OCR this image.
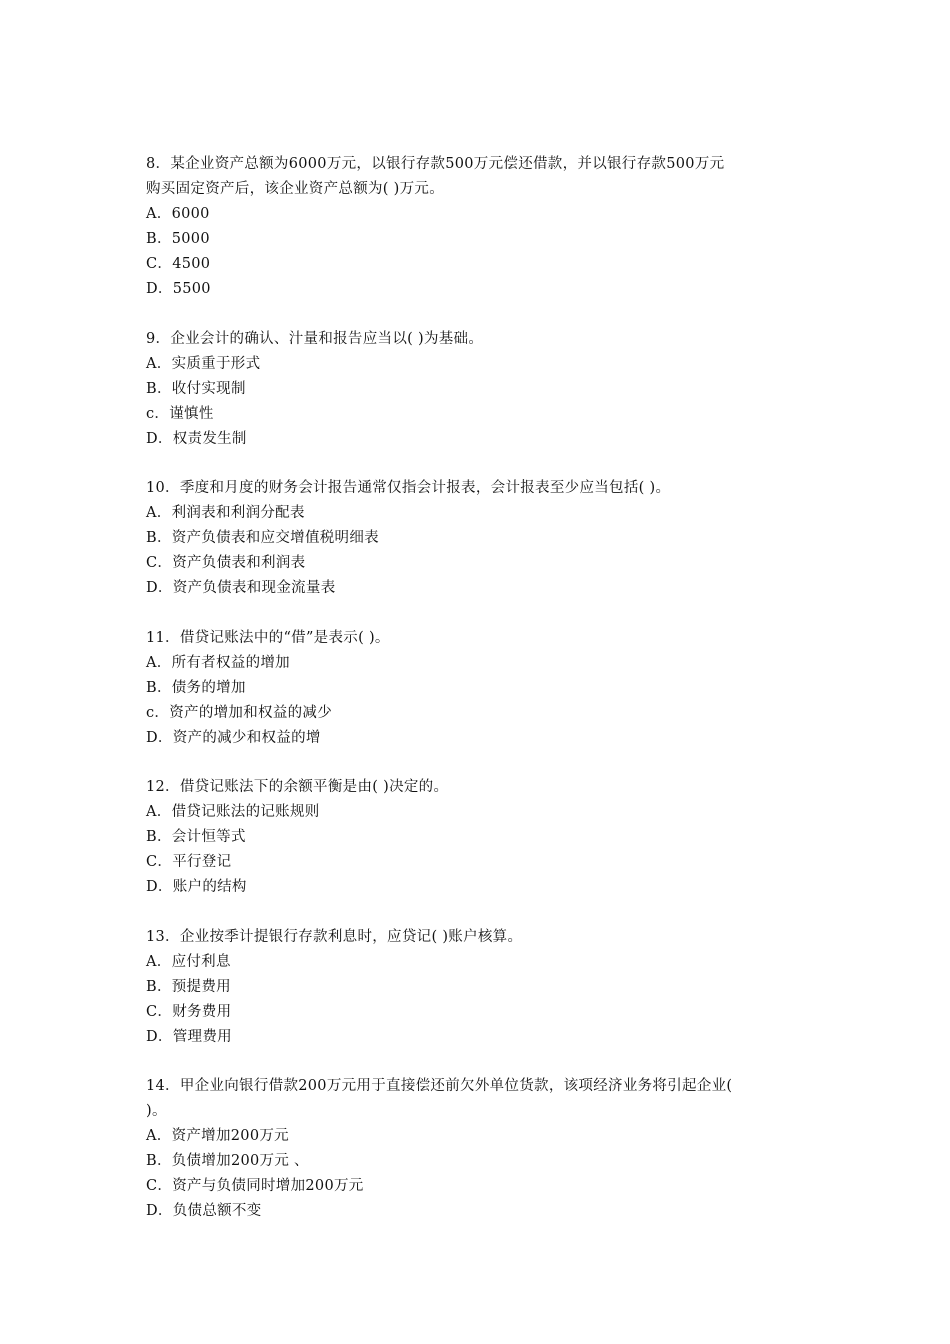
8．某企业资产总额为6000万元，以银行存款500万元偿还借款，并以银行存款500万元
购买固定资产后，该企业资产总额为( )万元。
A．6000
B．5000
C．4500
D．5500
9．企业会计的确认、汁量和报告应当以( )为基础。
A．实质重于形式
B．收付实现制
c．谨慎性
D．权责发生制
10．季度和月度的财务会计报告通常仅指会计报表，会计报表至少应当包括( )。
A．利润表和利润分配表
B．资产负债表和应交增值税明细表
C．资产负债表和利润表
D．资产负债表和现金流量表
11．借贷记账法中的“借”是表示( )。
A．所有者权益的增加
B．债务的增加
c．资产的增加和权益的减少
D．资产的减少和权益的增
12．借贷记账法下的余额平衡是由( )决定的。
A．借贷记账法的记账规则
B．会计恒等式
C．平行登记
D．账户的结构
13．企业按季计提银行存款利息时，应贷记( )账户核算。
A．应付利息
B．预提费用
C．财务费用
D．管理费用
14．甲企业向银行借款200万元用于直接偿还前欠外单位货款，该项经济业务将引起企业(
)。
A．资产增加200万元
B．负债增加200万元 、
C．资产与负债同时增加200万元
D．负债总额不变
